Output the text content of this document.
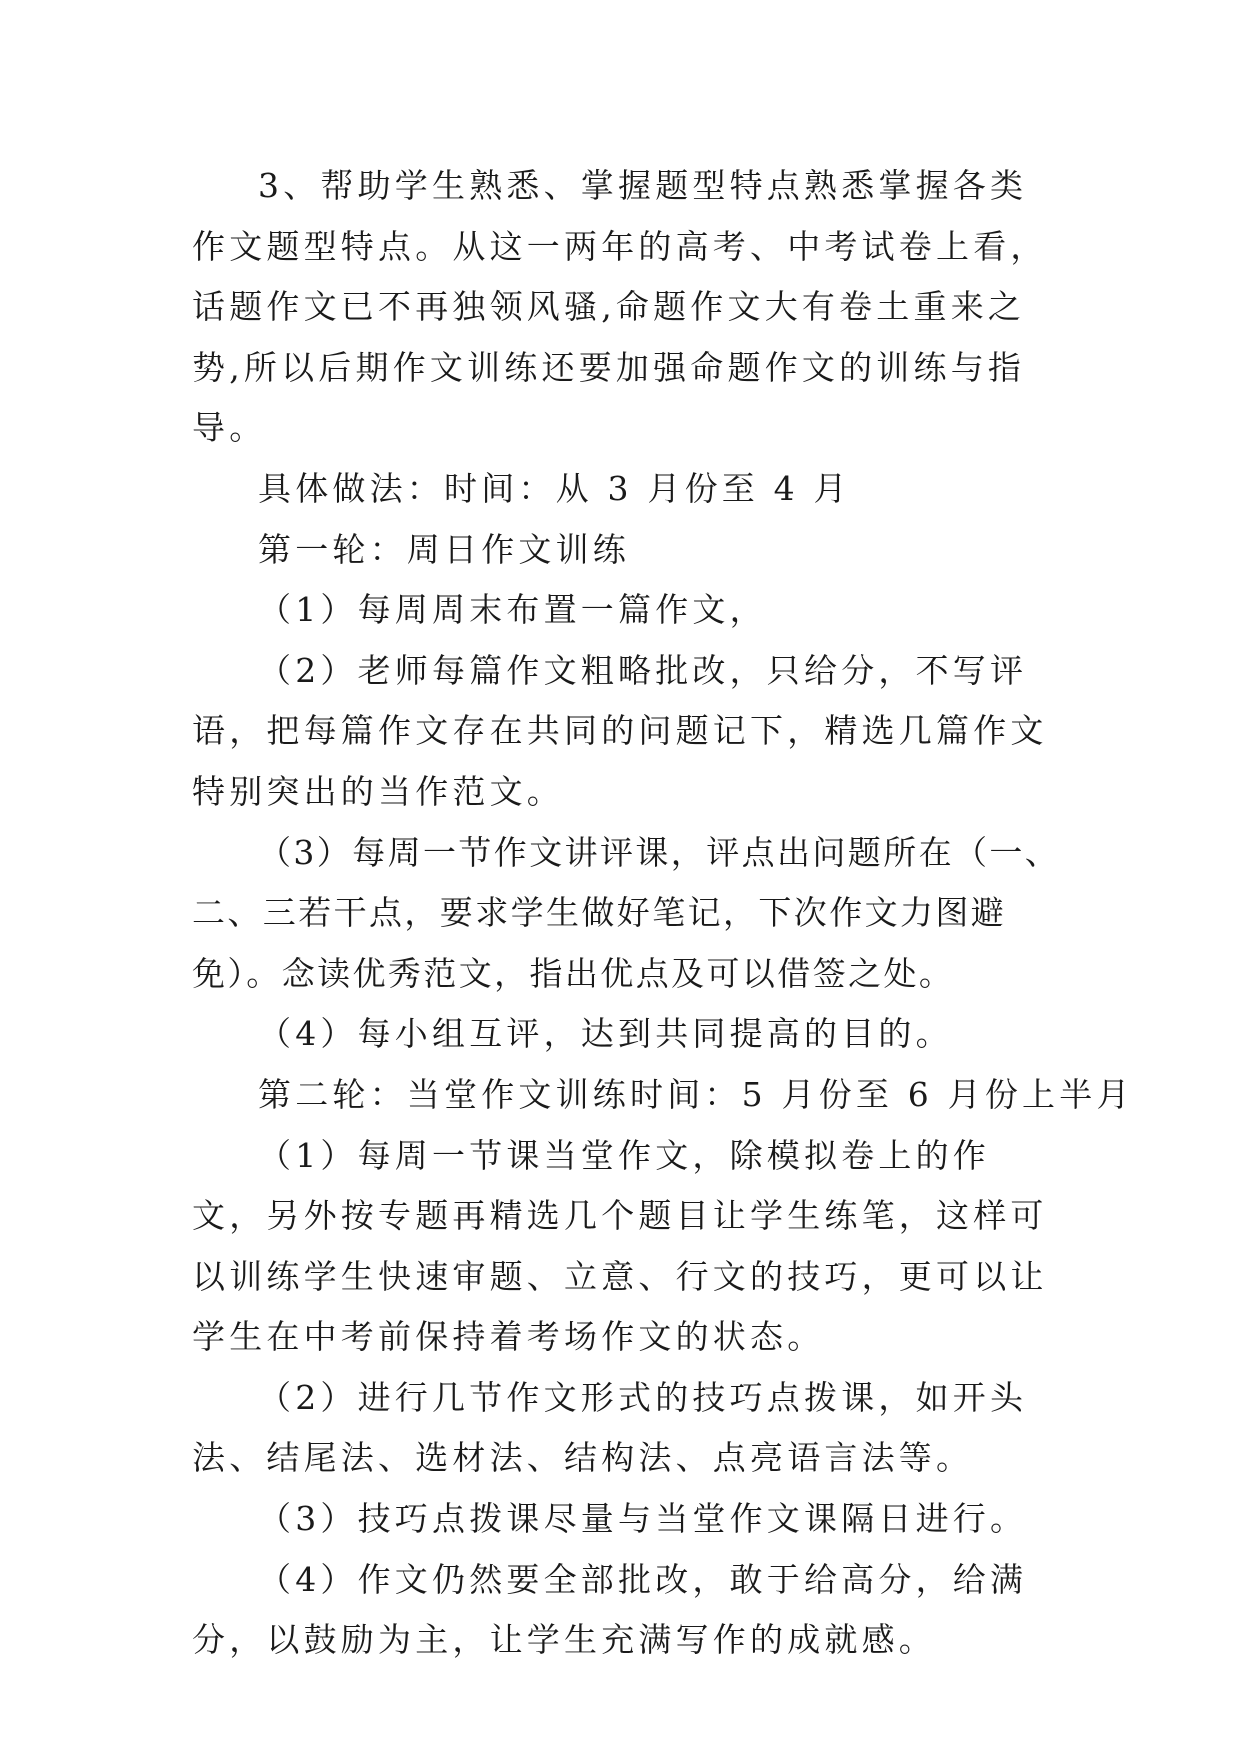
3、帮助学生熟悉、掌握题型特点熟悉掌握各类作文题型特点。从这一两年的高考、中考试卷上看，话题作文已不再独领风骚,命题作文大有卷土重来之势,所以后期作文训练还要加强命题作文的训练与指导。

具体做法：时间：从 3 月份至 4 月

第一轮：周日作文训练

（1）每周周末布置一篇作文，

（2）老师每篇作文粗略批改，只给分，不写评语，把每篇作文存在共同的问题记下，精选几篇作文特别突出的当作范文。

（3）每周一节作文讲评课，评点出问题所在（一、二、三若干点，要求学生做好笔记，下次作文力图避免）。念读优秀范文，指出优点及可以借签之处。

（4）每小组互评，达到共同提高的目的。

第二轮：当堂作文训练时间：5 月份至 6 月份上半月

（1）每周一节课当堂作文，除模拟卷上的作文，另外按专题再精选几个题目让学生练笔，这样可以训练学生快速审题、立意、行文的技巧，更可以让学生在中考前保持着考场作文的状态。

（2）进行几节作文形式的技巧点拨课，如开头法、结尾法、选材法、结构法、点亮语言法等。

（3）技巧点拨课尽量与当堂作文课隔日进行。

（4）作文仍然要全部批改，敢于给高分，给满分，以鼓励为主，让学生充满写作的成就感。
